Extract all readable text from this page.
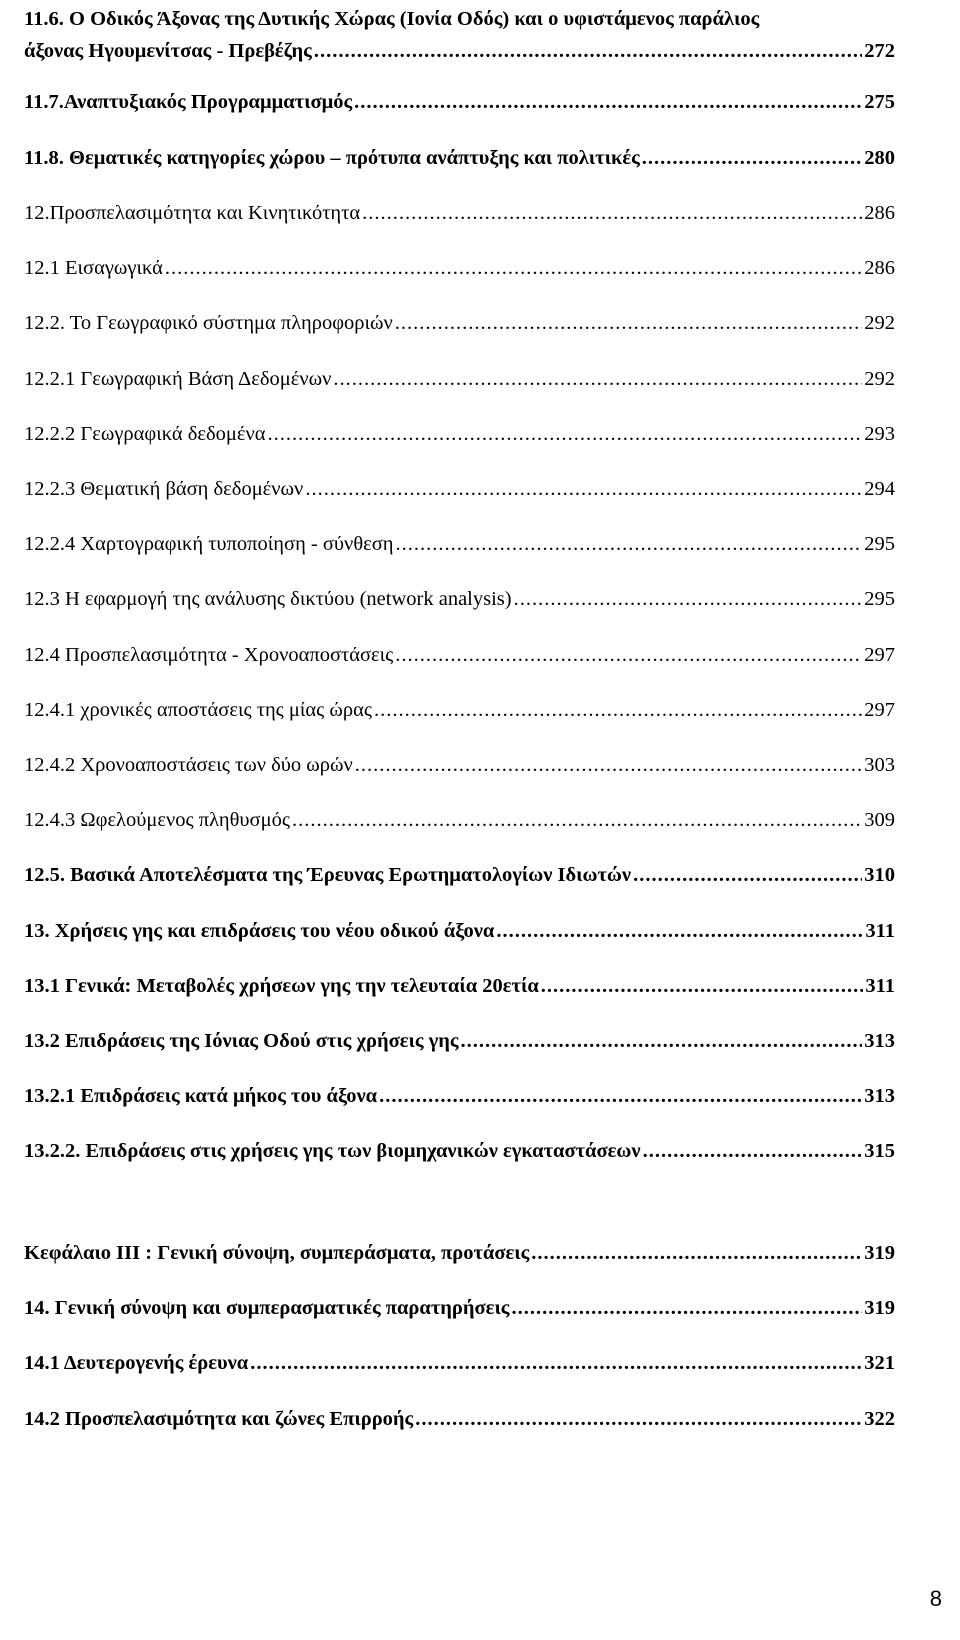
11.6. Ο Οδικός Άξονας της Δυτικής Χώρας (Ιονία Οδός) και ο υφιστάμενος παράλιος
άξονας Ηγουμενίτσας - Πρεβέζης .....	272
11.7.Αναπτυξιακός Προγραμματισμός .....	275
11.8. Θεματικές κατηγορίες χώρου – πρότυπα ανάπτυξης και πολιτικές .....	280
12.Προσπελασιμότητα και Κινητικότητα .....	286
12.1 Εισαγωγικά .....	286
12.2. Το Γεωγραφικό σύστημα πληροφοριών .....	292
12.2.1 Γεωγραφική Βάση Δεδομένων .....	292
12.2.2 Γεωγραφικά δεδομένα .....	293
12.2.3 Θεματική βάση δεδομένων .....	294
12.2.4 Χαρτογραφική τυποποίηση - σύνθεση .....	295
12.3 Η εφαρμογή της ανάλυσης δικτύου (network analysis) .....	295
12.4 Προσπελασιμότητα - Χρονοαποστάσεις .....	297
12.4.1 χρονικές αποστάσεις της μίας ώρας .....	297
12.4.2 Χρονοαποστάσεις των δύο ωρών .....	303
12.4.3 Ωφελούμενος πληθυσμός .....	309
12.5. Βασικά Αποτελέσματα της Έρευνας Ερωτηματολογίων Ιδιωτών .....	310
13. Χρήσεις γης και επιδράσεις του νέου οδικού άξονα .....	311
13.1 Γενικά: Μεταβολές χρήσεων γης την τελευταία 20ετία .....	311
13.2 Επιδράσεις της Ιόνιας Οδού στις χρήσεις γης .....	313
13.2.1 Επιδράσεις κατά μήκος του άξονα .....	313
13.2.2. Επιδράσεις στις χρήσεις γης των βιομηχανικών εγκαταστάσεων .....	315
Κεφάλαιο ΙΙΙ : Γενική σύνοψη, συμπεράσματα, προτάσεις .....	319
14. Γενική σύνοψη και συμπερασματικές παρατηρήσεις .....	319
14.1 Δευτερογενής έρευνα .....	321
14.2 Προσπελασιμότητα και ζώνες Επιρροής .....	322
8
